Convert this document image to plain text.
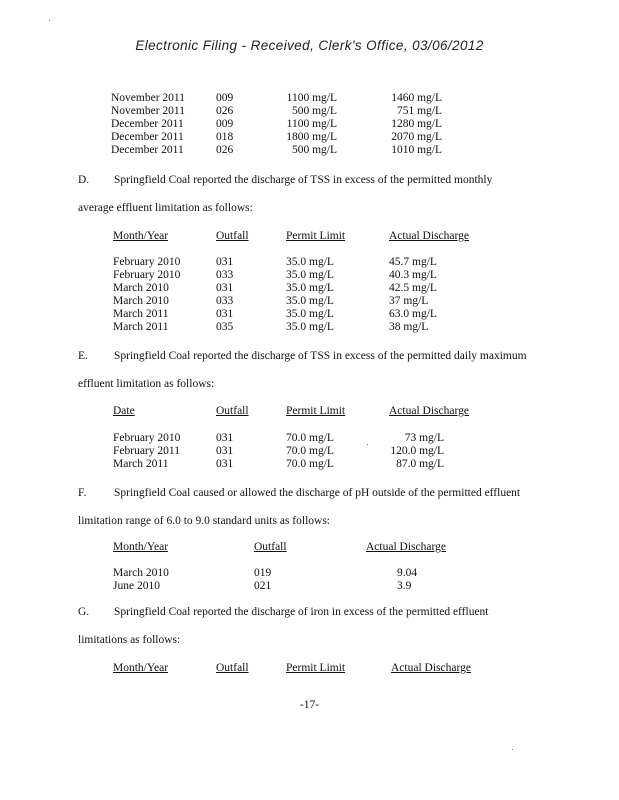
Electronic Filing - Received, Clerk's Office, 03/06/2012
November 2011	009	1100 mg/L	1460 mg/L
November 2011	026	500 mg/L	751 mg/L
December 2011	009	1100 mg/L	1280 mg/L
December 2011	018	1800 mg/L	2070 mg/L
December 2011	026	500 mg/L	1010 mg/L
D. Springfield Coal reported the discharge of TSS in excess of the permitted monthly
average effluent limitation as follows:
Month/Year	Outfall	Permit Limit	Actual Discharge
February 2010	031	35.0 mg/L	45.7 mg/L
February 2010	033	35.0 mg/L	40.3 mg/L
March 2010	031	35.0 mg/L	42.5 mg/L
March 2010	033	35.0 mg/L	37 mg/L
March 2011	031	35.0 mg/L	63.0 mg/L
March 2011	035	35.0 mg/L	38 mg/L
E. Springfield Coal reported the discharge of TSS in excess of the permitted daily maximum
effluent limitation as follows:
Date	Outfall	Permit Limit	Actual Discharge
February 2010	031	70.0 mg/L	73 mg/L
February 2011	031	70.0 mg/L	120.0 mg/L
March 2011	031	70.0 mg/L	87.0 mg/L
F. Springfield Coal caused or allowed the discharge of pH outside of the permitted effluent
limitation range of 6.0 to 9.0 standard units as follows:
Month/Year	Outfall	Actual Discharge
March 2010	019	9.04
June 2010	021	3.9
G. Springfield Coal reported the discharge of iron in excess of the permitted effluent
limitations as follows:
Month/Year	Outfall	Permit Limit	Actual Discharge
-17-
